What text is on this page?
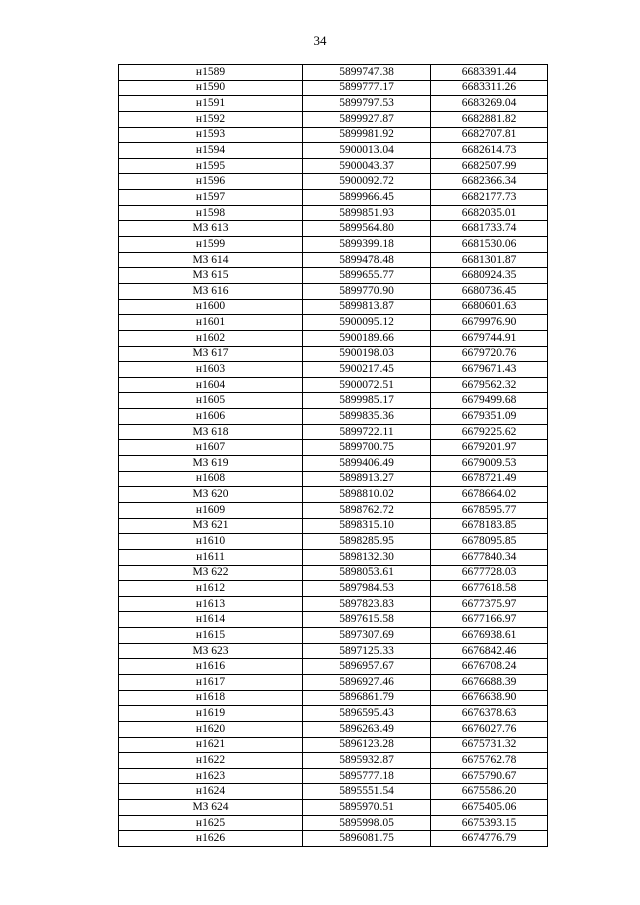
34
н1589	5899747.38	6683391.44
н1590	5899777.17	6683311.26
н1591	5899797.53	6683269.04
н1592	5899927.87	6682881.82
н1593	5899981.92	6682707.81
н1594	5900013.04	6682614.73
н1595	5900043.37	6682507.99
н1596	5900092.72	6682366.34
н1597	5899966.45	6682177.73
н1598	5899851.93	6682035.01
МЗ 613	5899564.80	6681733.74
н1599	5899399.18	6681530.06
МЗ 614	5899478.48	6681301.87
МЗ 615	5899655.77	6680924.35
МЗ 616	5899770.90	6680736.45
н1600	5899813.87	6680601.63
н1601	5900095.12	6679976.90
н1602	5900189.66	6679744.91
МЗ 617	5900198.03	6679720.76
н1603	5900217.45	6679671.43
н1604	5900072.51	6679562.32
н1605	5899985.17	6679499.68
н1606	5899835.36	6679351.09
МЗ 618	5899722.11	6679225.62
н1607	5899700.75	6679201.97
МЗ 619	5899406.49	6679009.53
н1608	5898913.27	6678721.49
МЗ 620	5898810.02	6678664.02
н1609	5898762.72	6678595.77
МЗ 621	5898315.10	6678183.85
н1610	5898285.95	6678095.85
н1611	5898132.30	6677840.34
МЗ 622	5898053.61	6677728.03
н1612	5897984.53	6677618.58
н1613	5897823.83	6677375.97
н1614	5897615.58	6677166.97
н1615	5897307.69	6676938.61
МЗ 623	5897125.33	6676842.46
н1616	5896957.67	6676708.24
н1617	5896927.46	6676688.39
н1618	5896861.79	6676638.90
н1619	5896595.43	6676378.63
н1620	5896263.49	6676027.76
н1621	5896123.28	6675731.32
н1622	5895932.87	6675762.78
н1623	5895777.18	6675790.67
н1624	5895551.54	6675586.20
МЗ 624	5895970.51	6675405.06
н1625	5895998.05	6675393.15
н1626	5896081.75	6674776.79
